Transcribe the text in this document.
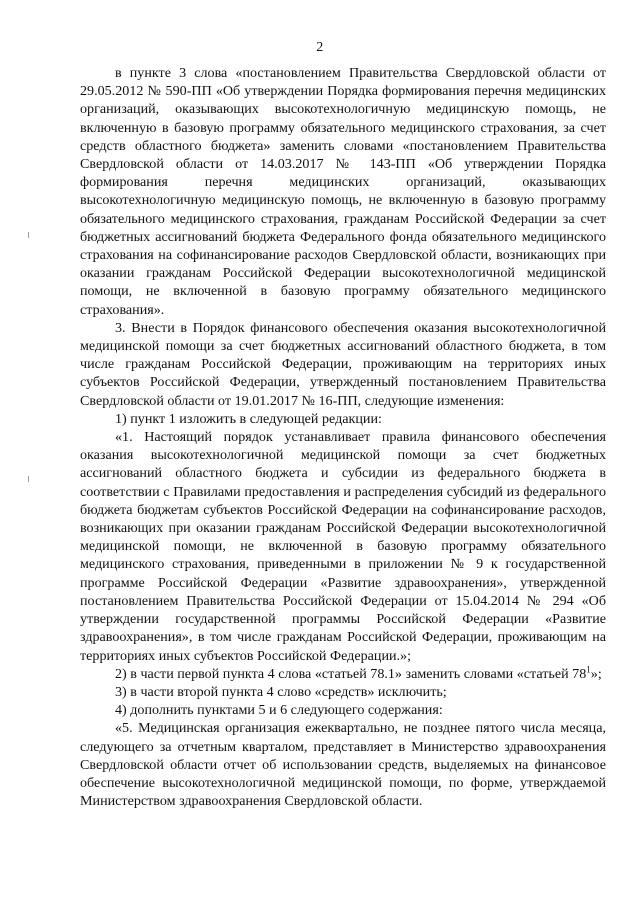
2

в пункте 3 слова «постановлением Правительства Свердловской области от 29.05.2012 № 590-ПП «Об утверждении Порядка формирования перечня медицинских организаций, оказывающих высокотехнологичную медицинскую помощь, не включенную в базовую программу обязательного медицинского страхования, за счет средств областного бюджета» заменить словами «постановлением Правительства Свердловской области от 14.03.2017 № 143-ПП «Об утверждении Порядка формирования перечня медицинских организаций, оказывающих высокотехнологичную медицинскую помощь, не включенную в базовую программу обязательного медицинского страхования, гражданам Российской Федерации за счет бюджетных ассигнований бюджета Федерального фонда обязательного медицинского страхования на софинансирование расходов Свердловской области, возникающих при оказании гражданам Российской Федерации высокотехнологичной медицинской помощи, не включенной в базовую программу обязательного медицинского страхования».

3. Внести в Порядок финансового обеспечения оказания высокотехнологичной медицинской помощи за счет бюджетных ассигнований областного бюджета, в том числе гражданам Российской Федерации, проживающим на территориях иных субъектов Российской Федерации, утвержденный постановлением Правительства Свердловской области от 19.01.2017 № 16-ПП, следующие изменения:

1) пункт 1 изложить в следующей редакции:

«1. Настоящий порядок устанавливает правила финансового обеспечения оказания высокотехнологичной медицинской помощи за счет бюджетных ассигнований областного бюджета и субсидии из федерального бюджета в соответствии с Правилами предоставления и распределения субсидий из федерального бюджета бюджетам субъектов Российской Федерации на софинансирование расходов, возникающих при оказании гражданам Российской Федерации высокотехнологичной медицинской помощи, не включенной в базовую программу обязательного медицинского страхования, приведенными в приложении № 9 к государственной программе Российской Федерации «Развитие здравоохранения», утвержденной постановлением Правительства Российской Федерации от 15.04.2014 № 294 «Об утверждении государственной программы Российской Федерации «Развитие здравоохранения», в том числе гражданам Российской Федерации, проживающим на территориях иных субъектов Российской Федерации.»;

2) в части первой пункта 4 слова «статьей 78.1» заменить словами «статьей $78^1$»;

3) в части второй пункта 4 слово «средств» исключить;

4) дополнить пунктами 5 и 6 следующего содержания:

«5. Медицинская организация ежеквартально, не позднее пятого числа месяца, следующего за отчетным кварталом, представляет в Министерство здравоохранения Свердловской области отчет об использовании средств, выделяемых на финансовое обеспечение высокотехнологичной медицинской помощи, по форме, утверждаемой Министерством здравоохранения Свердловской области.
